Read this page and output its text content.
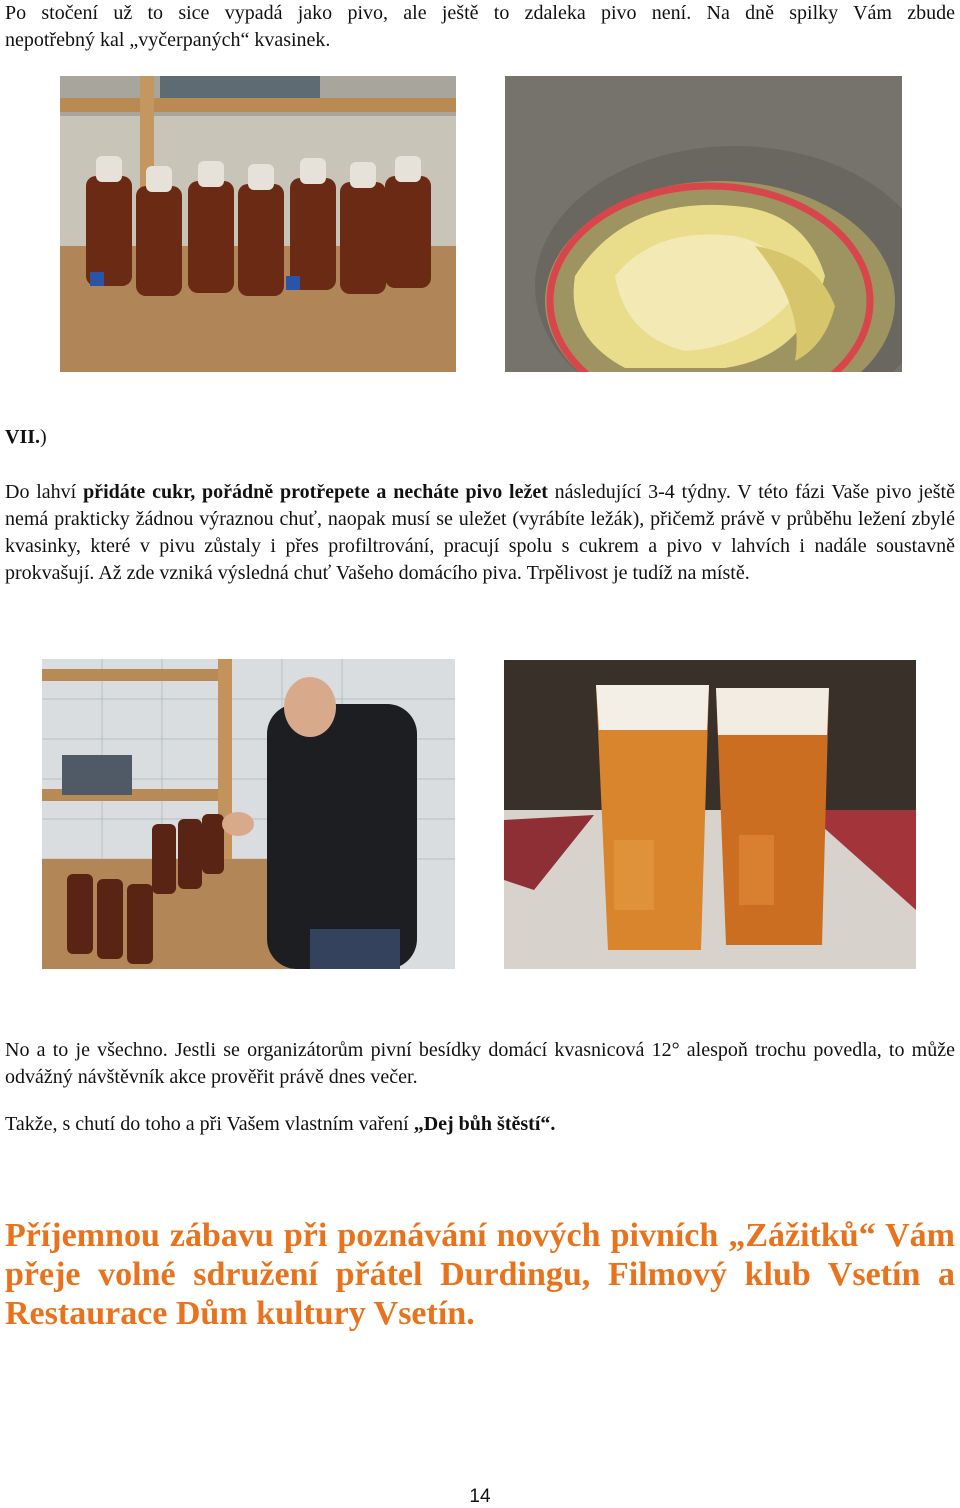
Po stočení už to sice vypadá jako pivo, ale ještě to zdaleka pivo není. Na dně spilky Vám zbude
nepotřebný kal „vyčerpaných“ kvasinek.
VII.)
Do lahví přidáte cukr, pořádně protřepete a necháte pivo ležet následující 3-4 týdny. V této fázi Vaše pivo ještě nemá prakticky žádnou výraznou chuť, naopak musí se uležet (vyrábíte ležák), přičemž právě v průběhu ležení zbylé kvasinky, které v pivu zůstaly i přes profiltrování, pracují spolu s cukrem a pivo v lahvích i nadále soustavně prokvašují. Až zde vzniká výsledná chuť Vašeho domácího piva. Trpělivost je tudíž na místě.
No a to je všechno. Jestli se organizátorům pivní besídky domácí kvasnicová 12° alespoň trochu povedla, to může odvážný návštěvník akce prověřit právě dnes večer.
Takže, s chutí do toho a při Vašem vlastním vaření „Dej bůh štěstí“.
Příjemnou zábavu při poznávání nových pivních „Zážitků“ Vám přeje volné sdružení přátel Durdingu, Filmový klub Vsetín a Restaurace Dům kultury Vsetín.
14
